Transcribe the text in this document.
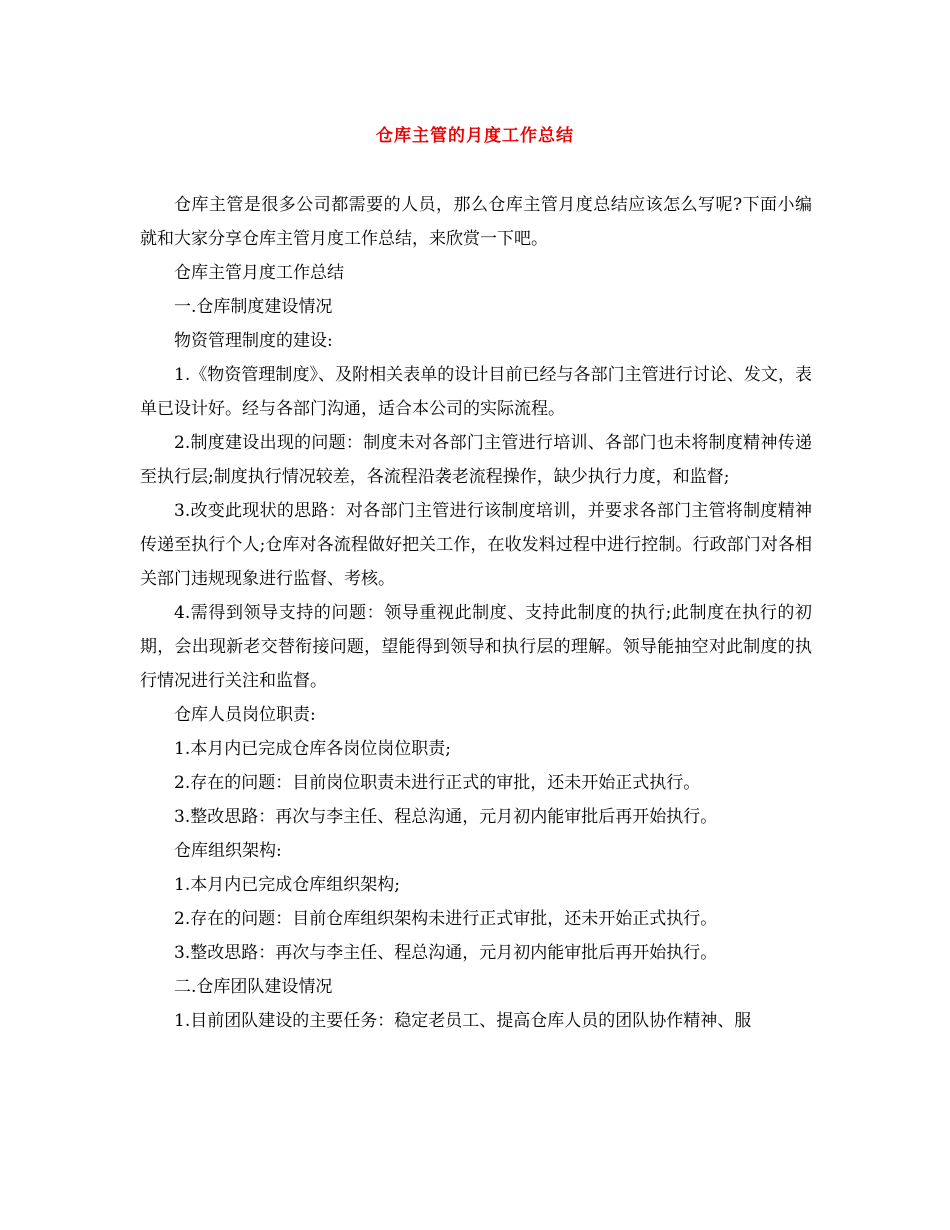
仓库主管的月度工作总结

仓库主管是很多公司都需要的人员，那么仓库主管月度总结应该怎么写呢?下面小编就和大家分享仓库主管月度工作总结，来欣赏一下吧。

仓库主管月度工作总结

一.仓库制度建设情况

物资管理制度的建设:

1.《物资管理制度》、及附相关表单的设计目前已经与各部门主管进行讨论、发文，表单已设计好。经与各部门沟通，适合本公司的实际流程。

2.制度建设出现的问题：制度未对各部门主管进行培训、各部门也未将制度精神传递至执行层;制度执行情况较差，各流程沿袭老流程操作，缺少执行力度，和监督;

3.改变此现状的思路：对各部门主管进行该制度培训，并要求各部门主管将制度精神传递至执行个人;仓库对各流程做好把关工作，在收发料过程中进行控制。行政部门对各相关部门违规现象进行监督、考核。

4.需得到领导支持的问题：领导重视此制度、支持此制度的执行;此制度在执行的初期，会出现新老交替衔接问题，望能得到领导和执行层的理解。领导能抽空对此制度的执行情况进行关注和监督。

仓库人员岗位职责:

1.本月内已完成仓库各岗位岗位职责;

2.存在的问题：目前岗位职责未进行正式的审批，还未开始正式执行。

3.整改思路：再次与李主任、程总沟通，元月初内能审批后再开始执行。

仓库组织架构:

1.本月内已完成仓库组织架构;

2.存在的问题：目前仓库组织架构未进行正式审批，还未开始正式执行。

3.整改思路：再次与李主任、程总沟通，元月初内能审批后再开始执行。

二.仓库团队建设情况

1.目前团队建设的主要任务：稳定老员工、提高仓库人员的团队协作精神、服
